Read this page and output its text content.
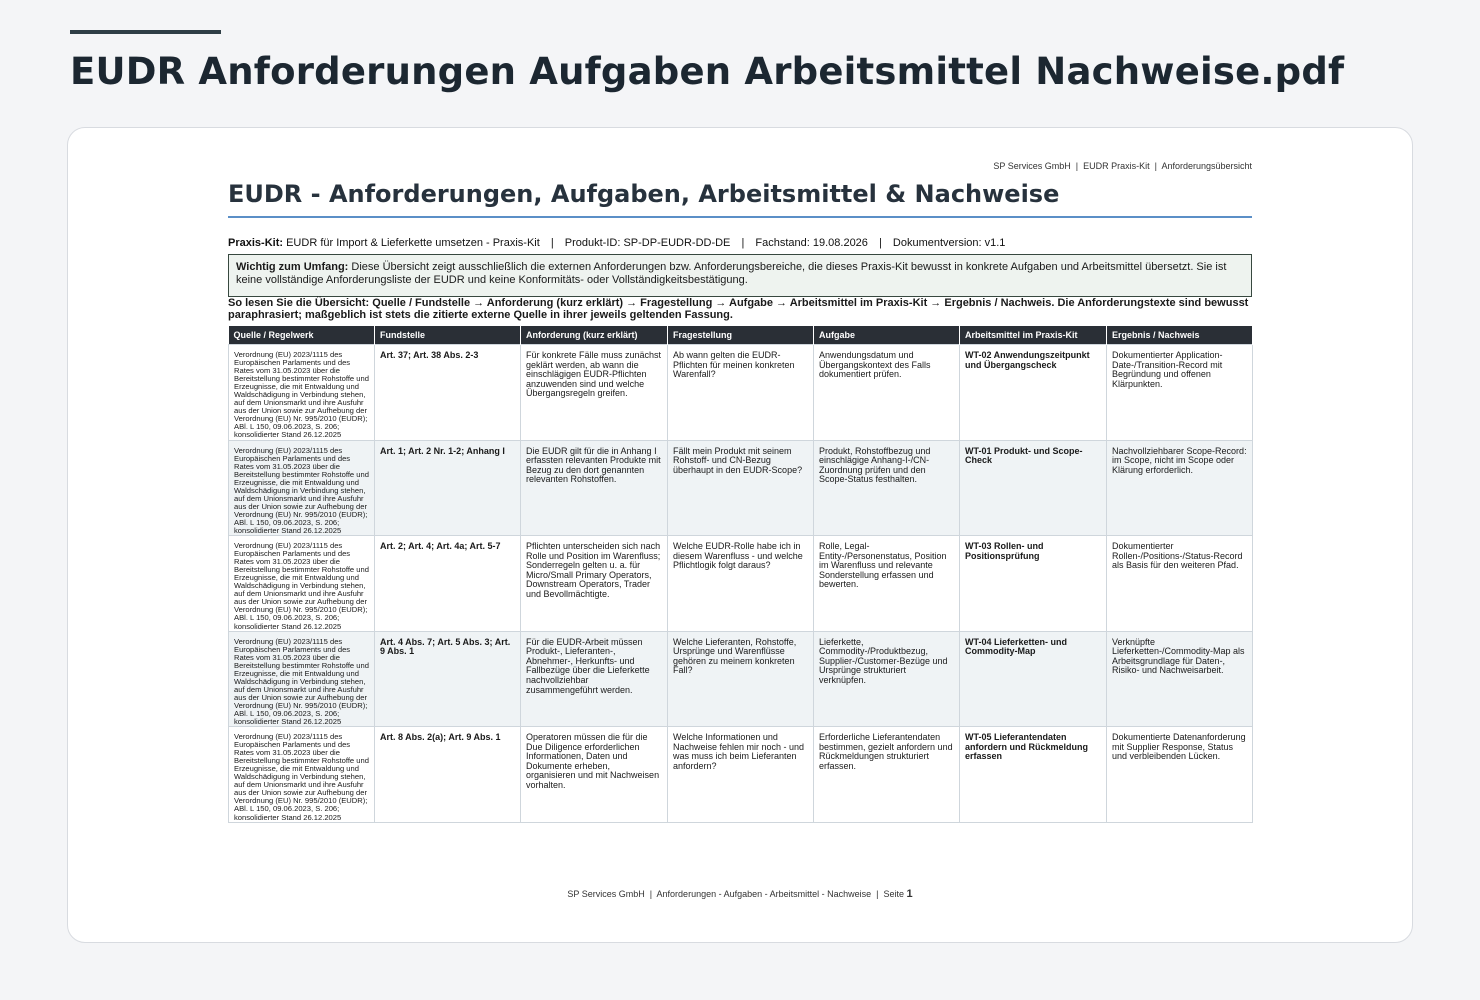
EUDR Anforderungen Aufgaben Arbeitsmittel Nachweise.pdf
SP Services GmbH  |  EUDR Praxis-Kit  |  Anforderungsübersicht
EUDR - Anforderungen, Aufgaben, Arbeitsmittel & Nachweise
Praxis-Kit: EUDR für Import & Lieferkette umsetzen - Praxis-Kit | Produkt-ID: SP-DP-EUDR-DD-DE | Fachstand: 19.08.2026 | Dokumentversion: v1.1
Wichtig zum Umfang: Diese Übersicht zeigt ausschließlich die externen Anforderungen bzw. Anforderungsbereiche, die dieses Praxis-Kit bewusst in konkrete Aufgaben und Arbeitsmittel übersetzt. Sie ist keine vollständige Anforderungsliste der EUDR und keine Konformitäts- oder Vollständigkeitsbestätigung.
So lesen Sie die Übersicht: Quelle / Fundstelle → Anforderung (kurz erklärt) → Fragestellung → Aufgabe → Arbeitsmittel im Praxis-Kit → Ergebnis / Nachweis. Die Anforderungstexte sind bewusst paraphrasiert; maßgeblich ist stets die zitierte externe Quelle in ihrer jeweils geltenden Fassung.
Quelle / Regelwerk	Fundstelle	Anforderung (kurz erklärt)	Fragestellung	Aufgabe	Arbeitsmittel im Praxis-Kit	Ergebnis / Nachweis
Verordnung (EU) 2023/1115 des Europäischen Parlaments und des Rates vom 31.05.2023 über die Bereitstellung bestimmter Rohstoffe und Erzeugnisse, die mit Entwaldung und Waldschädigung in Verbindung stehen, auf dem Unionsmarkt und ihre Ausfuhr aus der Union sowie zur Aufhebung der Verordnung (EU) Nr. 995/2010 (EUDR); ABl. L 150, 09.06.2023, S. 206; konsolidierter Stand 26.12.2025	Art. 37; Art. 38 Abs. 2-3	Für konkrete Fälle muss zunächst geklärt werden, ab wann die einschlägigen EUDR-Pflichten anzuwenden sind und welche Übergangsregeln greifen.	Ab wann gelten die EUDR-Pflichten für meinen konkreten Warenfall?	Anwendungsdatum und Übergangskontext des Falls dokumentiert prüfen.	WT-02 Anwendungszeitpunkt und Übergangscheck	Dokumentierter Application-Date-/Transition-Record mit Begründung und offenen Klärpunkten.
Verordnung (EU) 2023/1115 des Europäischen Parlaments und des Rates vom 31.05.2023 über die Bereitstellung bestimmter Rohstoffe und Erzeugnisse, die mit Entwaldung und Waldschädigung in Verbindung stehen, auf dem Unionsmarkt und ihre Ausfuhr aus der Union sowie zur Aufhebung der Verordnung (EU) Nr. 995/2010 (EUDR); ABl. L 150, 09.06.2023, S. 206; konsolidierter Stand 26.12.2025	Art. 1; Art. 2 Nr. 1-2; Anhang I	Die EUDR gilt für die in Anhang I erfassten relevanten Produkte mit Bezug zu den dort genannten relevanten Rohstoffen.	Fällt mein Produkt mit seinem Rohstoff- und CN-Bezug überhaupt in den EUDR-Scope?	Produkt, Rohstoffbezug und einschlägige Anhang-I-/CN-Zuordnung prüfen und den Scope-Status festhalten.	WT-01 Produkt- und Scope-Check	Nachvollziehbarer Scope-Record: im Scope, nicht im Scope oder Klärung erforderlich.
Verordnung (EU) 2023/1115 des Europäischen Parlaments und des Rates vom 31.05.2023 über die Bereitstellung bestimmter Rohstoffe und Erzeugnisse, die mit Entwaldung und Waldschädigung in Verbindung stehen, auf dem Unionsmarkt und ihre Ausfuhr aus der Union sowie zur Aufhebung der Verordnung (EU) Nr. 995/2010 (EUDR); ABl. L 150, 09.06.2023, S. 206; konsolidierter Stand 26.12.2025	Art. 2; Art. 4; Art. 4a; Art. 5-7	Pflichten unterscheiden sich nach Rolle und Position im Warenfluss; Sonderregeln gelten u. a. für Micro/Small Primary Operators, Downstream Operators, Trader und Bevollmächtigte.	Welche EUDR-Rolle habe ich in diesem Warenfluss - und welche Pflichtlogik folgt daraus?	Rolle, Legal-Entity-/Personenstatus, Position im Warenfluss und relevante Sonderstellung erfassen und bewerten.	WT-03 Rollen- und Positionsprüfung	Dokumentierter Rollen-/Positions-/Status-Record als Basis für den weiteren Pfad.
Verordnung (EU) 2023/1115 des Europäischen Parlaments und des Rates vom 31.05.2023 über die Bereitstellung bestimmter Rohstoffe und Erzeugnisse, die mit Entwaldung und Waldschädigung in Verbindung stehen, auf dem Unionsmarkt und ihre Ausfuhr aus der Union sowie zur Aufhebung der Verordnung (EU) Nr. 995/2010 (EUDR); ABl. L 150, 09.06.2023, S. 206; konsolidierter Stand 26.12.2025	Art. 4 Abs. 7; Art. 5 Abs. 3; Art. 9 Abs. 1	Für die EUDR-Arbeit müssen Produkt-, Lieferanten-, Abnehmer-, Herkunfts- und Fallbezüge über die Lieferkette nachvollziehbar zusammengeführt werden.	Welche Lieferanten, Rohstoffe, Ursprünge und Warenflüsse gehören zu meinem konkreten Fall?	Lieferkette, Commodity-/Produktbezug, Supplier-/Customer-Bezüge und Ursprünge strukturiert verknüpfen.	WT-04 Lieferketten- und Commodity-Map	Verknüpfte Lieferketten-/Commodity-Map als Arbeitsgrundlage für Daten-, Risiko- und Nachweisarbeit.
Verordnung (EU) 2023/1115 des Europäischen Parlaments und des Rates vom 31.05.2023 über die Bereitstellung bestimmter Rohstoffe und Erzeugnisse, die mit Entwaldung und Waldschädigung in Verbindung stehen, auf dem Unionsmarkt und ihre Ausfuhr aus der Union sowie zur Aufhebung der Verordnung (EU) Nr. 995/2010 (EUDR); ABl. L 150, 09.06.2023, S. 206; konsolidierter Stand 26.12.2025	Art. 8 Abs. 2(a); Art. 9 Abs. 1	Operatoren müssen die für die Due Diligence erforderlichen Informationen, Daten und Dokumente erheben, organisieren und mit Nachweisen vorhalten.	Welche Informationen und Nachweise fehlen mir noch - und was muss ich beim Lieferanten anfordern?	Erforderliche Lieferantendaten bestimmen, gezielt anfordern und Rückmeldungen strukturiert erfassen.	WT-05 Lieferantendaten anfordern und Rückmeldung erfassen	Dokumentierte Datenanforderung mit Supplier Response, Status und verbleibenden Lücken.
SP Services GmbH  |  Anforderungen - Aufgaben - Arbeitsmittel - Nachweise  |  Seite 1
